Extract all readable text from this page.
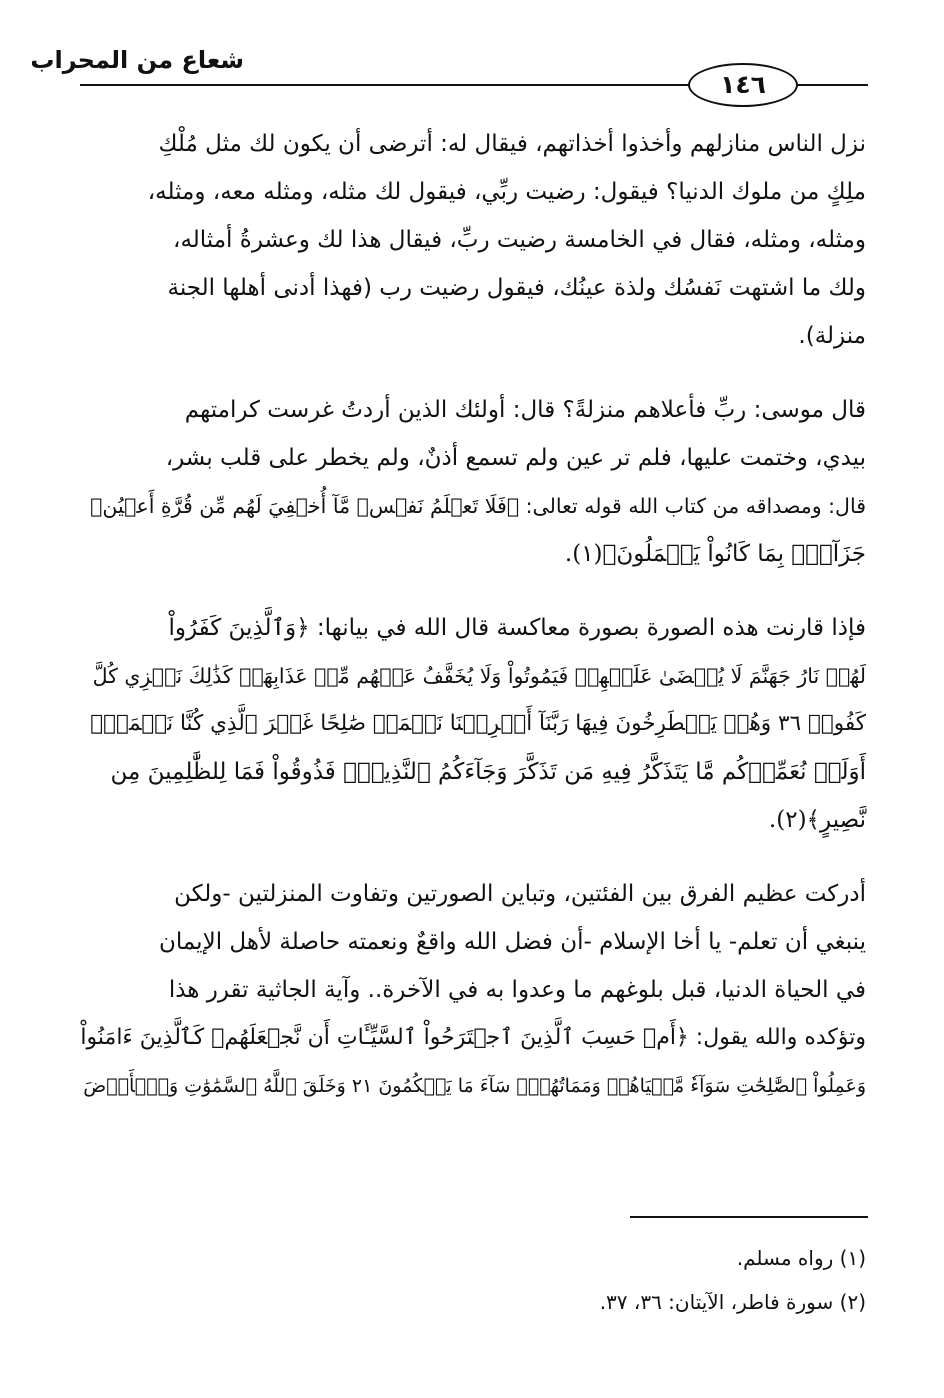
شعاع من المحراب
١٤٦

نزل الناس منازلهم وأخذوا أخذاتهم، فيقال له: أترضى أن يكون لك مثل مُلْكِ

ملِكٍ من ملوك الدنيا؟ فيقول: رضيت ربِّي، فيقول لك مثله، ومثله معه، ومثله،

ومثله، ومثله، فقال في الخامسة رضيت ربِّ، فيقال هذا لك وعشرةُ أمثاله،

ولك ما اشتهت نَفسُك ولذة عينُك، فيقول رضيت رب (فهذا أدنى أهلها الجنة

منزلة).

قال موسى: ربِّ فأعلاهم منزلةً؟ قال: أولئك الذين أردتُ غرست كرامتهم

بيدي، وختمت عليها، فلم تر عين ولم تسمع أذنٌ، ولم يخطر على قلب بشر،

قال: ومصداقه من كتاب الله قوله تعالى: ﴿فَلَا تَعۡلَمُ نَفۡسٞ مَّآ أُخۡفِيَ لَهُم مِّن قُرَّةِ أَعۡيُنٖ

جَزَآءَۢ بِمَا كَانُواْ يَعۡمَلُونَ﴾(١).

فإذا قارنت هذه الصورة بصورة معاكسة قال الله في بيانها: ﴿وَٱلَّذِينَ كَفَرُواْ

لَهُمۡ نَارُ جَهَنَّمَ لَا يُقۡضَىٰ عَلَيۡهِمۡ فَيَمُوتُواْ وَلَا يُخَفَّفُ عَنۡهُم مِّنۡ عَذَابِهَاۚ كَذَٰلِكَ نَجۡزِي كُلَّ

كَفُورٖ ٣٦ وَهُمۡ يَصۡطَرِخُونَ فِيهَا رَبَّنَآ أَخۡرِجۡنَا نَعۡمَلۡ صَٰلِحًا غَيۡرَ ٱلَّذِي كُنَّا نَعۡمَلُۚ

أَوَلَمۡ نُعَمِّرۡكُم مَّا يَتَذَكَّرُ فِيهِ مَن تَذَكَّرَ وَجَآءَكُمُ ٱلنَّذِيرُۖ فَذُوقُواْ فَمَا لِلظَّٰلِمِينَ مِن

نَّصِيرٍ﴾(٢).

أدركت عظيم الفرق بين الفئتين، وتباين الصورتين وتفاوت المنزلتين -ولكن

ينبغي أن تعلم- يا أخا الإسلام -أن فضل الله واقعٌ ونعمته حاصلة لأهل الإيمان

في الحياة الدنيا، قبل بلوغهم ما وعدوا به في الآخرة.. وآية الجاثية تقرر هذا

وتؤكده والله يقول: ﴿أَمۡ حَسِبَ ٱلَّذِينَ ٱجۡتَرَحُواْ ٱلسَّيِّـَٔاتِ أَن نَّجۡعَلَهُمۡ كَٱلَّذِينَ ءَامَنُواْ

وَعَمِلُواْ ٱلصَّٰلِحَٰتِ سَوَآءٗ مَّحۡيَاهُمۡ وَمَمَاتُهُمۡۚ سَآءَ مَا يَحۡكُمُونَ ٢١ وَخَلَقَ ٱللَّهُ ٱلسَّمَٰوَٰتِ وَٱلۡأَرۡضَ

(١) رواه مسلم.
(٢) سورة فاطر، الآيتان: ٣٦، ٣٧.
